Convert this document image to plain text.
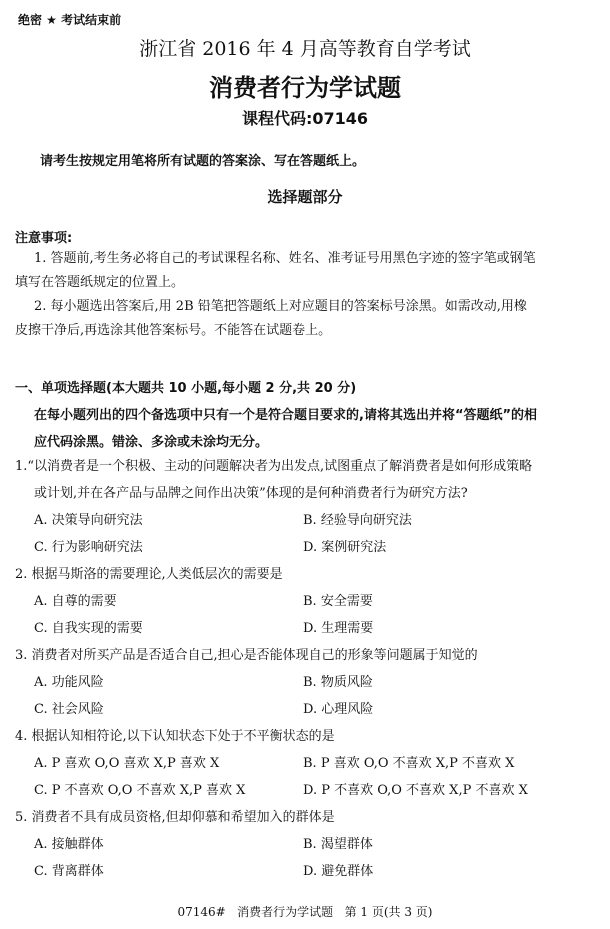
绝密 ★ 考试结束前
浙江省 2016 年 4 月高等教育自学考试
消费者行为学试题
课程代码:07146
请考生按规定用笔将所有试题的答案涂、写在答题纸上。
选择题部分
注意事项:
1. 答题前,考生务必将自己的考试课程名称、姓名、准考证号用黑色字迹的签字笔或钢笔
填写在答题纸规定的位置上。
2. 每小题选出答案后,用 2B 铅笔把答题纸上对应题目的答案标号涂黑。如需改动,用橡
皮擦干净后,再选涂其他答案标号。不能答在试题卷上。
一、单项选择题(本大题共 10 小题,每小题 2 分,共 20 分)
在每小题列出的四个备选项中只有一个是符合题目要求的,请将其选出并将“答题纸”的相
应代码涂黑。错涂、多涂或未涂均无分。
1.“以消费者是一个积极、主动的问题解决者为出发点,试图重点了解消费者是如何形成策略
或计划,并在各产品与品牌之间作出决策”体现的是何种消费者行为研究方法?
A. 决策导向研究法	B. 经验导向研究法
C. 行为影响研究法	D. 案例研究法
2. 根据马斯洛的需要理论,人类低层次的需要是
A. 自尊的需要	B. 安全需要
C. 自我实现的需要	D. 生理需要
3. 消费者对所买产品是否适合自己,担心是否能体现自己的形象等问题属于知觉的
A. 功能风险	B. 物质风险
C. 社会风险	D. 心理风险
4. 根据认知相符论,以下认知状态下处于不平衡状态的是
A. P 喜欢 O,O 喜欢 X,P 喜欢 X	B. P 喜欢 O,O 不喜欢 X,P 不喜欢 X
C. P 不喜欢 O,O 不喜欢 X,P 喜欢 X	D. P 不喜欢 O,O 不喜欢 X,P 不喜欢 X
5. 消费者不具有成员资格,但却仰慕和希望加入的群体是
A. 接触群体	B. 渴望群体
C. 背离群体	D. 避免群体
07146#   消费者行为学试题   第 1 页(共 3 页)
